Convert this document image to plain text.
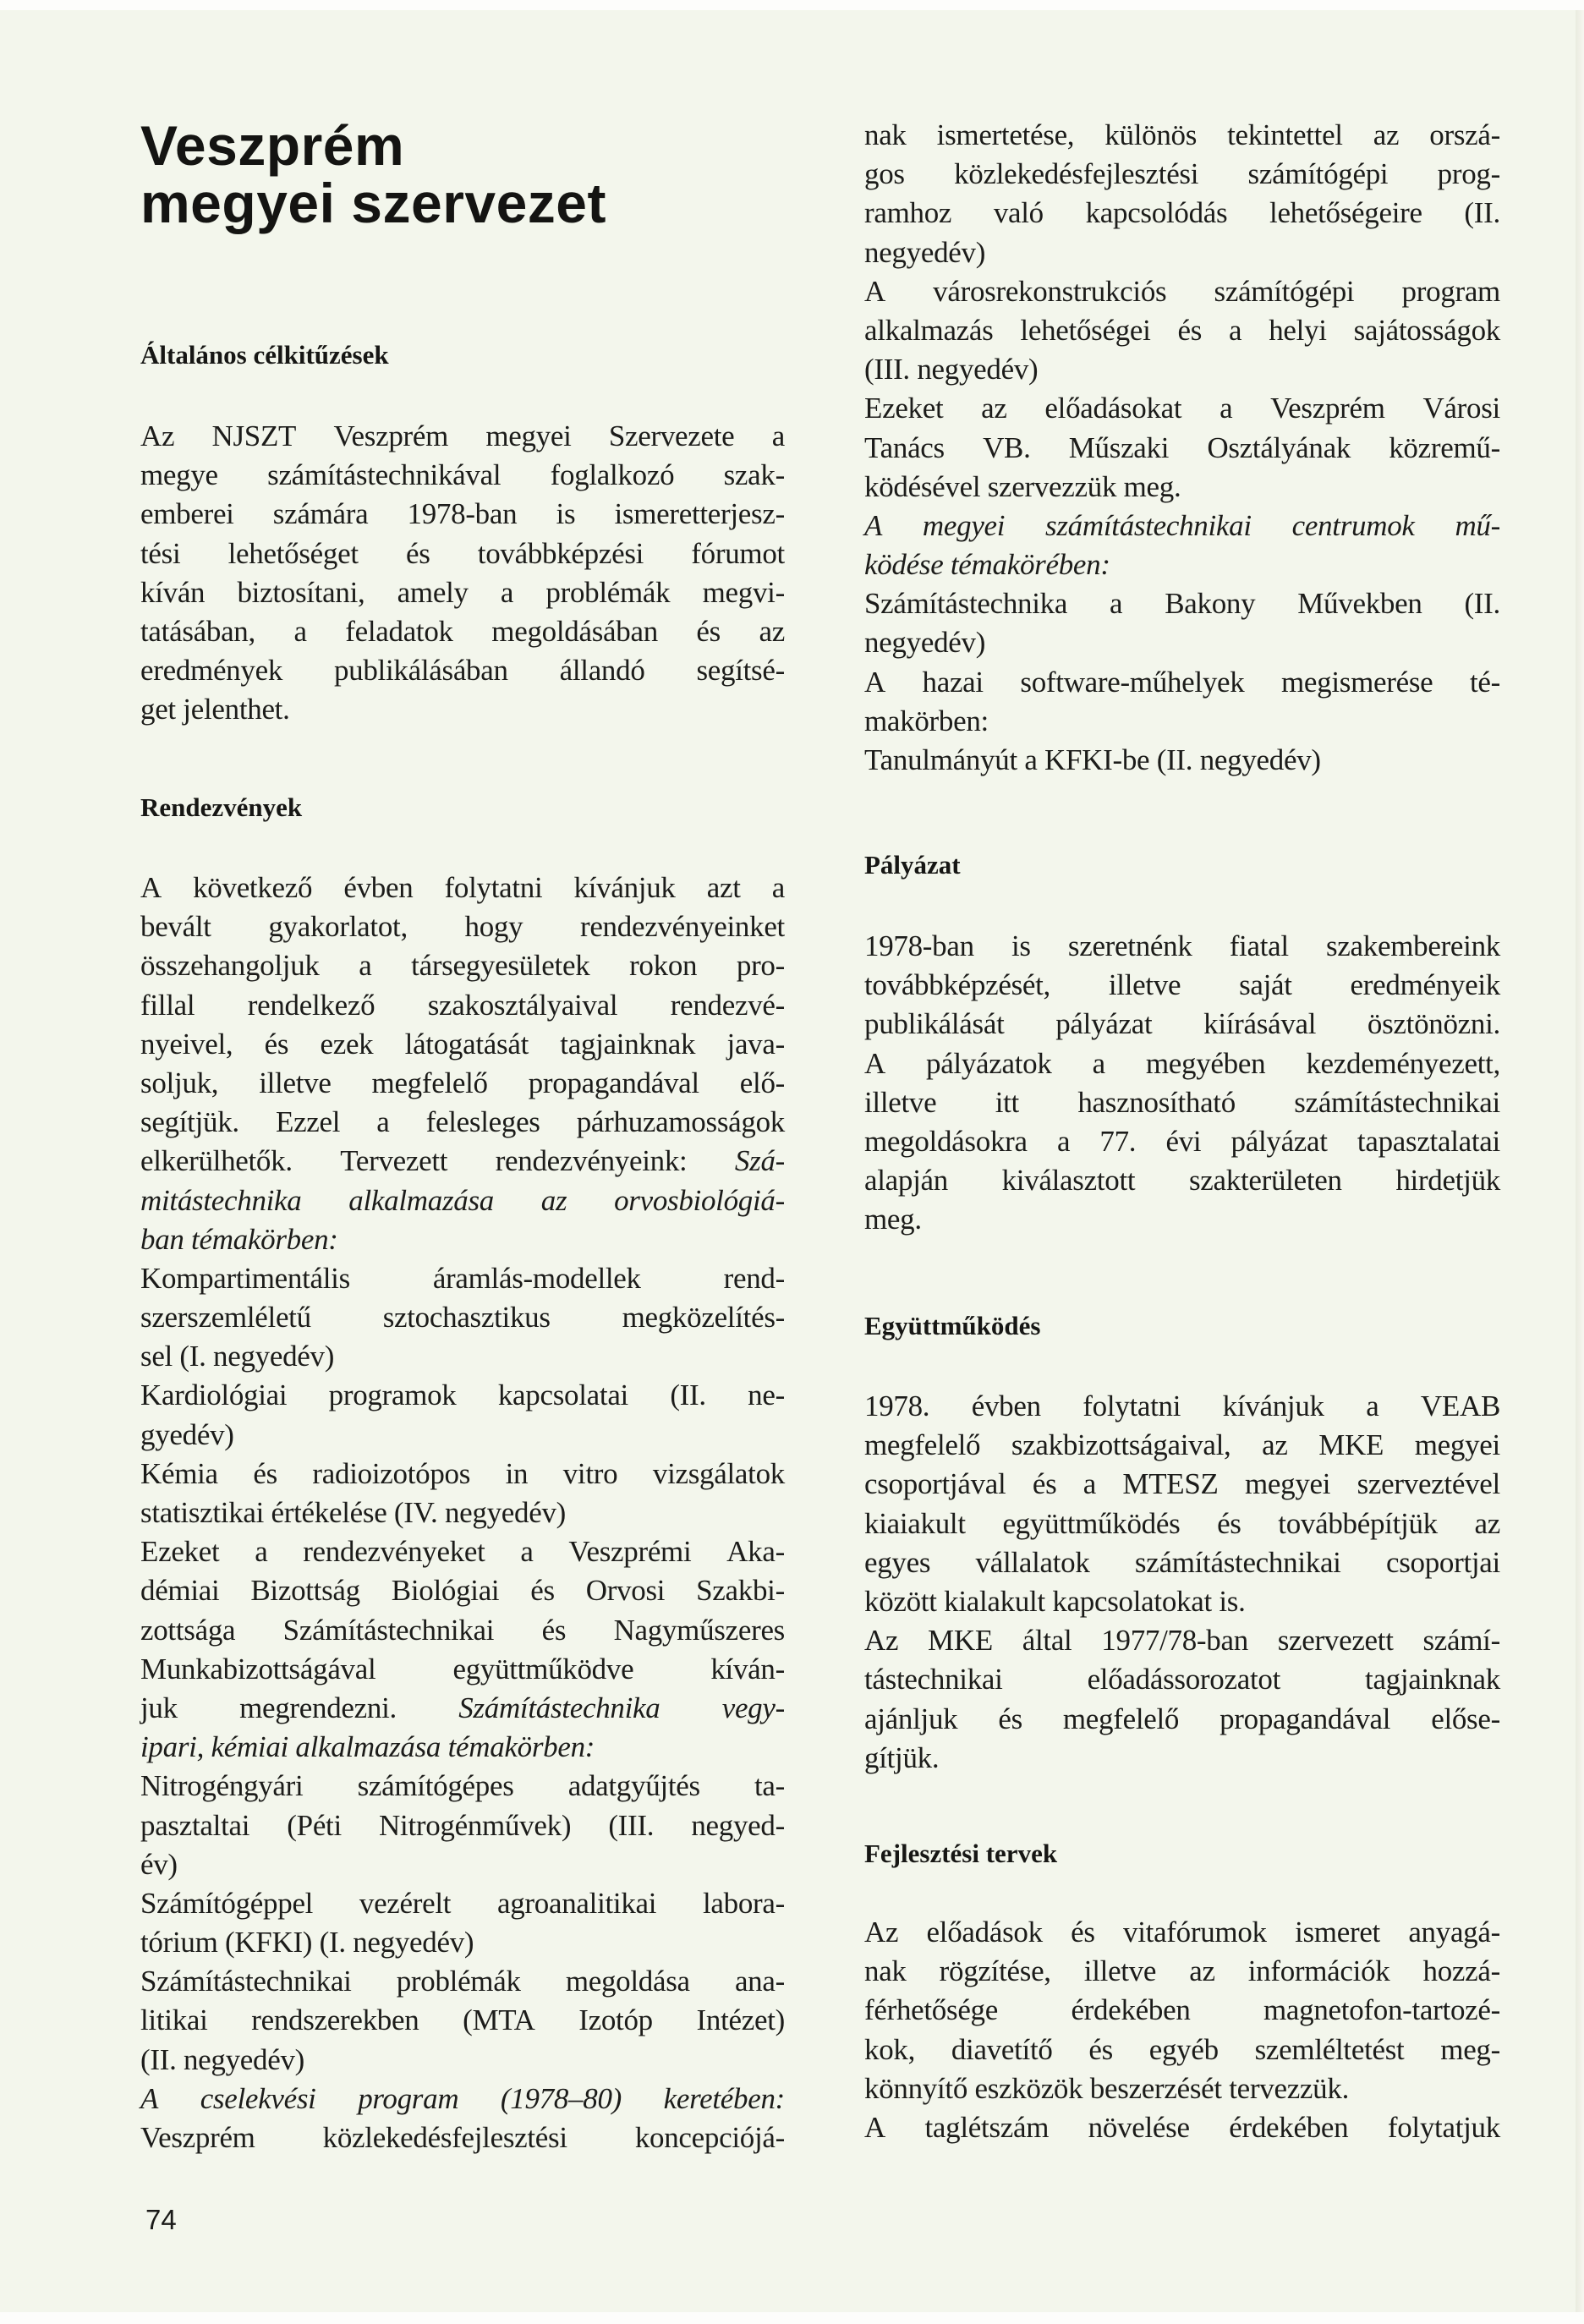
Veszprém
megyei szervezet
Általános célkitűzések
Az NJSZT Veszprém megyei Szervezete a
megye számítástechnikával foglalkozó szak-
emberei számára 1978-ban is ismeretterjesz-
tési lehetőséget és továbbképzési fórumot
kíván biztosítani, amely a problémák megvi-
tatásában, a feladatok megoldásában és az
eredmények publikálásában állandó segítsé-
get jelenthet.
Rendezvények
A következő évben folytatni kívánjuk azt a
bevált gyakorlatot, hogy rendezvényeinket
összehangoljuk a társegyesületek rokon pro-
fillal rendelkező szakosztályaival rendezvé-
nyeivel, és ezek látogatását tagjainknak java-
soljuk, illetve megfelelő propagandával elő-
segítjük. Ezzel a felesleges párhuzamosságok
elkerülhetők. Tervezett rendezvényeink: Szá-
mitástechnika alkalmazása az orvosbiológiá-
ban témakörben:
Kompartimentális	áramlás-modellek	rend-
szerszemléletű sztochasztikus megközelítés-
sel (I. negyedév)
Kardiológiai programok kapcsolatai (II. ne-
gyedév)
Kémia és radioizotópos in vitro vizsgálatok
statisztikai értékelése (IV. negyedév)
Ezeket a rendezvényeket a Veszprémi Aka-
démiai Bizottság Biológiai és Orvosi Szakbi-
zottsága Számítástechnikai és Nagyműszeres
Munkabizottságával	együttműködve	kíván-
juk megrendezni. Számítástechnika vegy-
ipari, kémiai alkalmazása témakörben:
Nitrogéngyári számítógépes adatgyűjtés ta-
pasztaltai (Péti Nitrogénművek) (III. negyed-
év)
Számítógéppel vezérelt agroanalitikai labora-
tórium (KFKI) (I. negyedév)
Számítástechnikai problémák megoldása ana-
litikai rendszerekben (MTA Izotóp Intézet)
(II. negyedév)
A cselekvési program (1978–80) keretében:
Veszprém közlekedésfejlesztési koncepciójá-
nak ismertetése, különös tekintettel az orszá-
gos közlekedésfejlesztési számítógépi prog-
ramhoz való kapcsolódás lehetőségeire (II.
negyedév)
A városrekonstrukciós számítógépi program
alkalmazás lehetőségei és a helyi sajátosságok
(III. negyedév)
Ezeket az előadásokat a Veszprém Városi
Tanács VB. Műszaki Osztályának közremű-
ködésével szervezzük meg.
A megyei számítástechnikai centrumok mű-
ködése témakörében:
Számítástechnika a Bakony Művekben (II.
negyedév)
A hazai software-műhelyek megismerése té-
makörben:
Tanulmányút a KFKI-be (II. negyedév)
Pályázat
1978-ban is szeretnénk fiatal szakembereink
továbbképzését, illetve saját eredményeik
publikálását pályázat kiírásával ösztönözni.
A pályázatok a megyében kezdeményezett,
illetve itt hasznosítható számítástechnikai
megoldásokra a 77. évi pályázat tapasztalatai
alapján kiválasztott szakterületen hirdetjük
meg.
Együttműködés
1978. évben folytatni kívánjuk a VEAB
megfelelő szakbizottságaival, az MKE megyei
csoportjával és a MTESZ megyei szerveztével
kiaiakult együttműködés és továbbépítjük az
egyes vállalatok számítástechnikai csoportjai
között kialakult kapcsolatokat is.
Az MKE által 1977/78-ban szervezett számí-
tástechnikai	előadássorozatot	tagjainknak
ajánljuk és megfelelő propagandával előse-
gítjük.
Fejlesztési tervek
Az előadások és vitafórumok ismeret anyagá-
nak rögzítése, illetve az információk hozzá-
férhetősége érdekében magnetofon-tartozé-
kok, diavetítő és egyéb szemléltetést meg-
könnyítő eszközök beszerzését tervezzük.
A taglétszám növelése érdekében folytatjuk
74
